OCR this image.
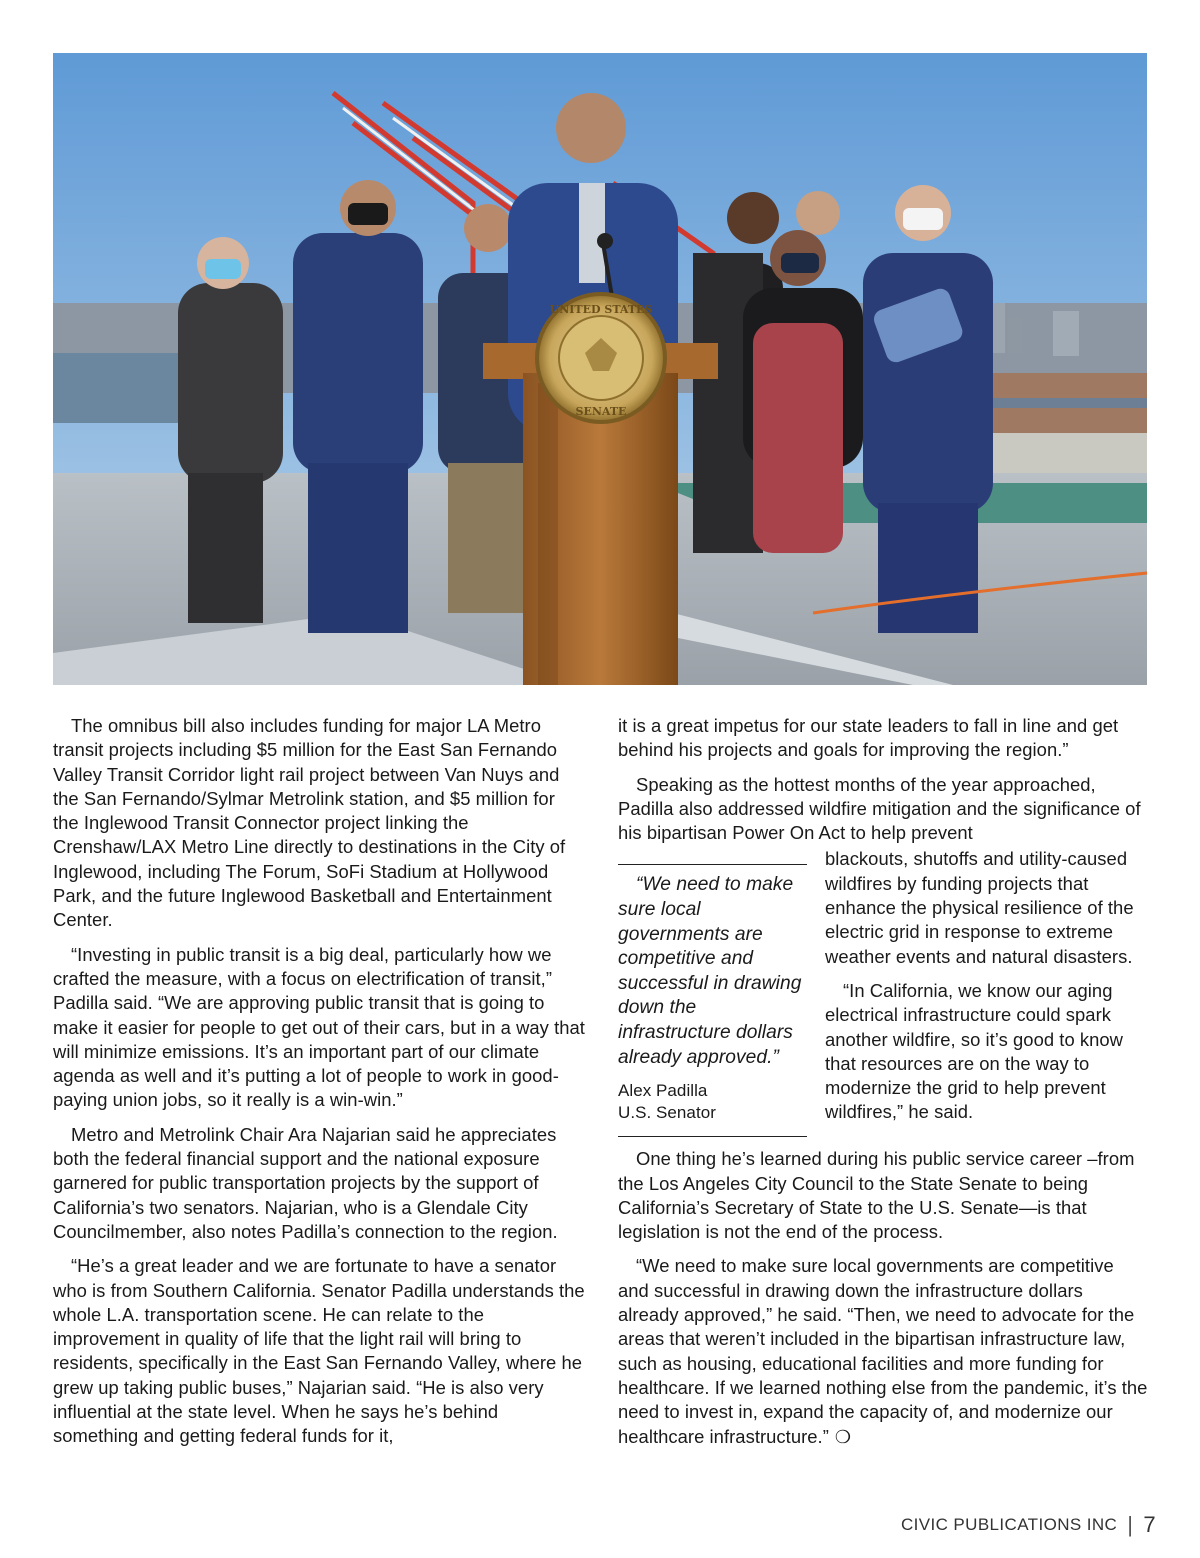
UNITED STATES
SENATE

The omnibus bill also includes funding for major LA Metro transit projects including $5 million for the East San Fernando Valley Transit Corridor light rail project between Van Nuys and the San Fernando/Sylmar Metrolink station, and $5 million for the Inglewood Transit Connector project linking the Crenshaw/LAX Metro Line directly to destinations in the City of Inglewood, including The Forum, SoFi Stadium at Hollywood Park, and the future Inglewood Basketball and Entertainment Center.

“Investing in public transit is a big deal, particularly how we crafted the measure, with a focus on electrification of transit,” Padilla said. “We are approving public transit that is going to make it easier for people to get out of their cars, but in a way that will minimize emissions. It’s an important part of our climate agenda as well and it’s putting a lot of people to work in good-paying union jobs, so it really is a win-win.”

Metro and Metrolink Chair Ara Najarian said he appreciates both the federal financial support and the national exposure garnered for public transportation projects by the support of California’s two senators. Najarian, who is a Glendale City Councilmember, also notes Padilla’s connection to the region.

“He’s a great leader and we are fortunate to have a senator who is from Southern California. Senator Padilla understands the whole L.A. transportation scene. He can relate to the improvement in quality of life that the light rail will bring to residents, specifically in the East San Fernando Valley, where he grew up taking public buses,” Najarian said. “He is also very influential at the state level. When he says he’s behind something and getting federal funds for it,

it is a great impetus for our state leaders to fall in line and get behind his projects and goals for improving the region.”

Speaking as the hottest months of the year approached, Padilla also addressed wildfire mitigation and the significance of his bipartisan Power On Act to help prevent

“We need to make sure local governments are competitive and successful in drawing down the infrastructure dollars already approved.”

Alex Padilla
U.S. Senator

blackouts, shutoffs and utility-caused wildfires by funding projects that enhance the physical resilience of the electric grid in response to extreme weather events and natural disasters.

“In California, we know our aging electrical infrastructure could spark another wildfire, so it’s good to know that resources are on the way to modernize the grid to help prevent wildfires,” he said.

One thing he’s learned during his public service career –from the Los Angeles City Council to the State Senate to being California’s Secretary of State to the U.S. Senate—is that legislation is not the end of the process.

“We need to make sure local governments are competitive and successful in drawing down the infrastructure dollars already approved,” he said. “Then, we need to advocate for the areas that weren’t included in the bipartisan infrastructure law, such as housing, educational facilities and more funding for healthcare. If we learned nothing else from the pandemic, it’s the need to invest in, expand the capacity of, and modernize our healthcare infrastructure.” ❍

CIVIC PUBLICATIONS INC | 7
